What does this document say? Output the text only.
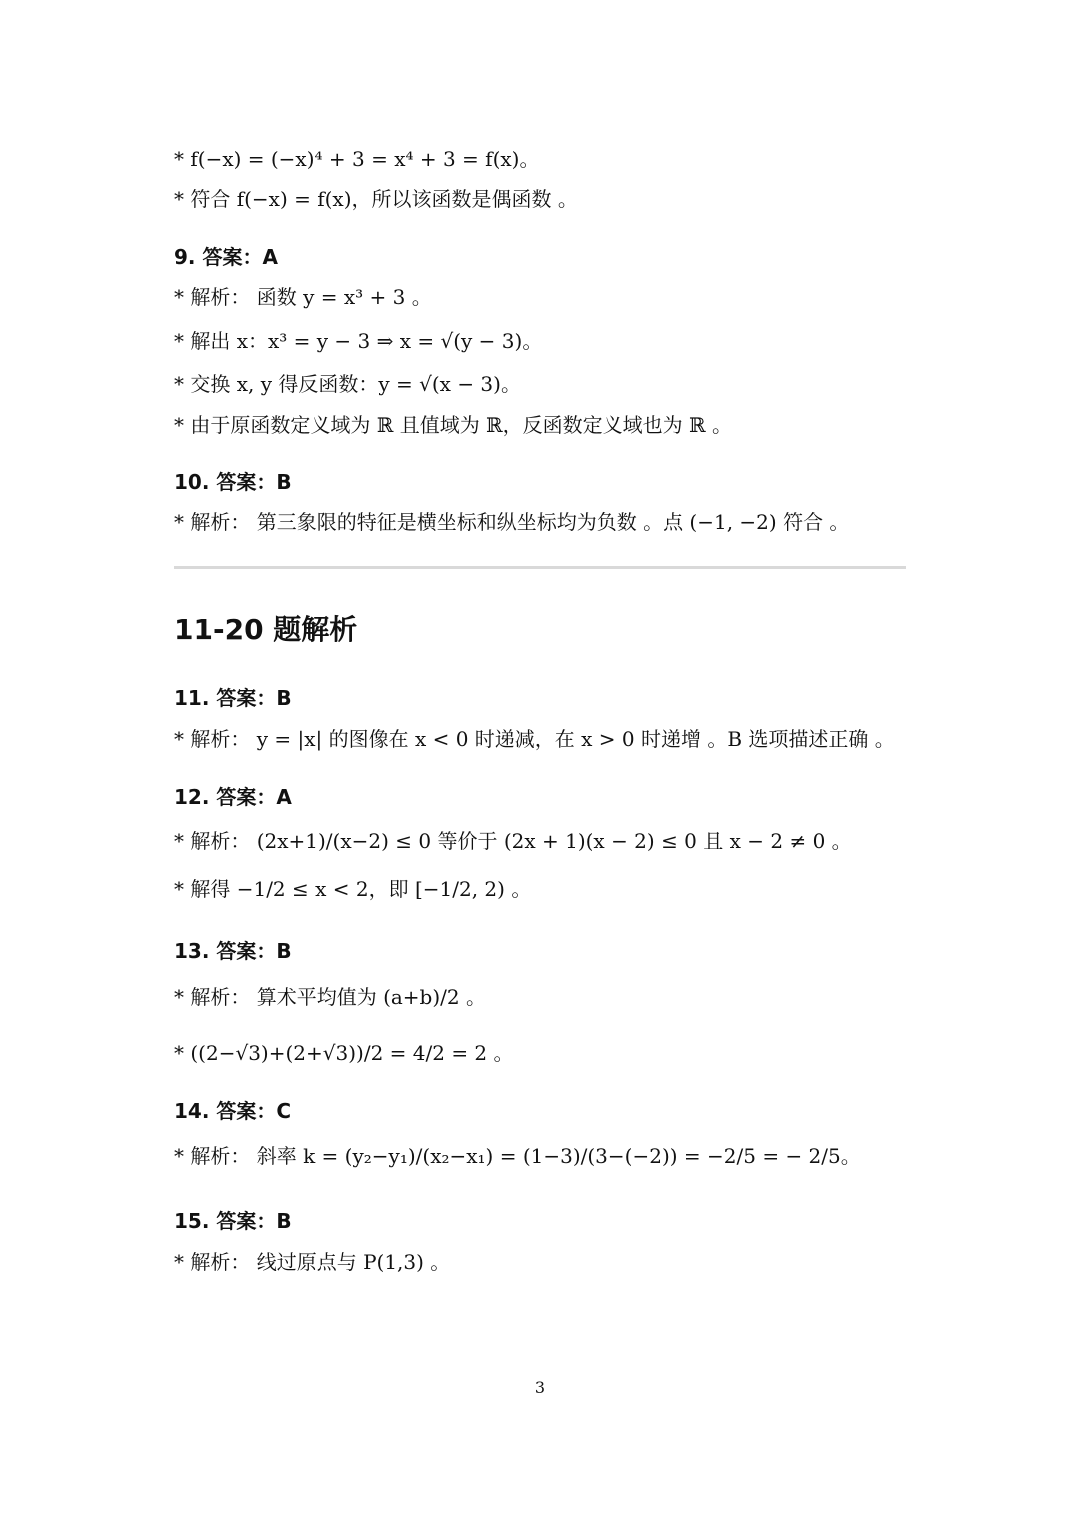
* f(−x) = (−x)⁴ + 3 = x⁴ + 3 = f(x)。
* 符合 f(−x) = f(x)，所以该函数是偶函数 。
9. 答案：A
* 解析： 函数 y = x³ + 3 。
* 解出 x：x³ = y − 3 ⇒ x = √(y − 3)。
* 交换 x, y 得反函数：y = √(x − 3)。
* 由于原函数定义域为 ℝ 且值域为 ℝ，反函数定义域也为 ℝ 。
10. 答案：B
* 解析： 第三象限的特征是横坐标和纵坐标均为负数 。点 (−1, −2) 符合 。
11-20 题解析
11. 答案：B
* 解析： y = |x| 的图像在 x < 0 时递减，在 x > 0 时递增 。B 选项描述正确 。
12. 答案：A
* 解析： (2x+1)/(x−2) ≤ 0 等价于 (2x + 1)(x − 2) ≤ 0 且 x − 2 ≠ 0 。
* 解得 −1/2 ≤ x < 2，即 [−1/2, 2) 。
13. 答案：B
* 解析： 算术平均值为 (a+b)/2 。
* ((2−√3)+(2+√3))/2 = 4/2 = 2 。
14. 答案：C
* 解析： 斜率 k = (y₂−y₁)/(x₂−x₁) = (1−3)/(3−(−2)) = −2/5 = − 2/5。
15. 答案：B
* 解析： 线过原点与 P(1,3) 。
3
